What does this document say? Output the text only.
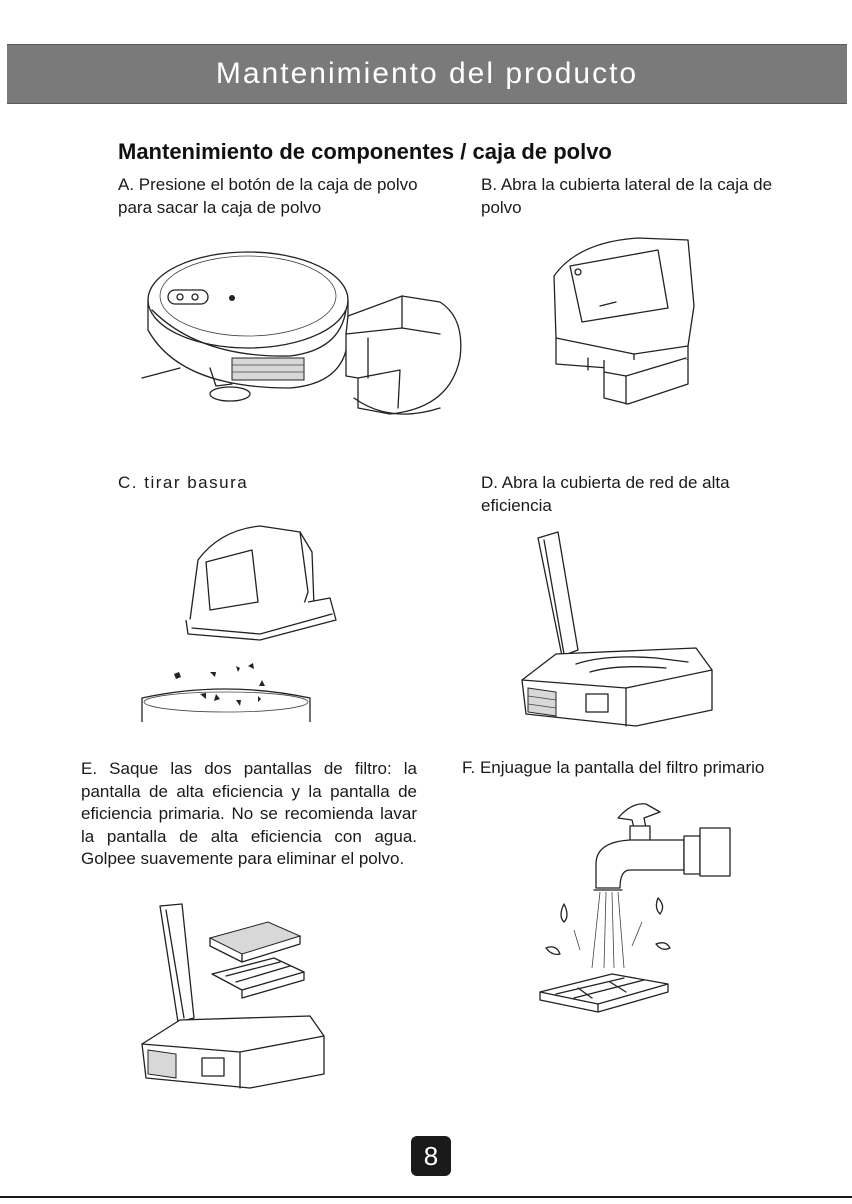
Mantenimiento del producto
Mantenimiento de componentes / caja de polvo

A. Presione el botón de la caja de polvo para sacar la caja de polvo

B. Abra la cubierta lateral de la caja de polvo

C. tirar basura	D. Abra la cubierta de red de alta eficiencia

E. Saque las dos pantallas de filtro: la pantalla de alta eficiencia y la pantalla de eficiencia primaria. No se recomienda lavar la pantalla de alta eficiencia con agua. Golpee suavemente para eliminar el polvo.

F. Enjuague la pantalla del filtro primario

8
